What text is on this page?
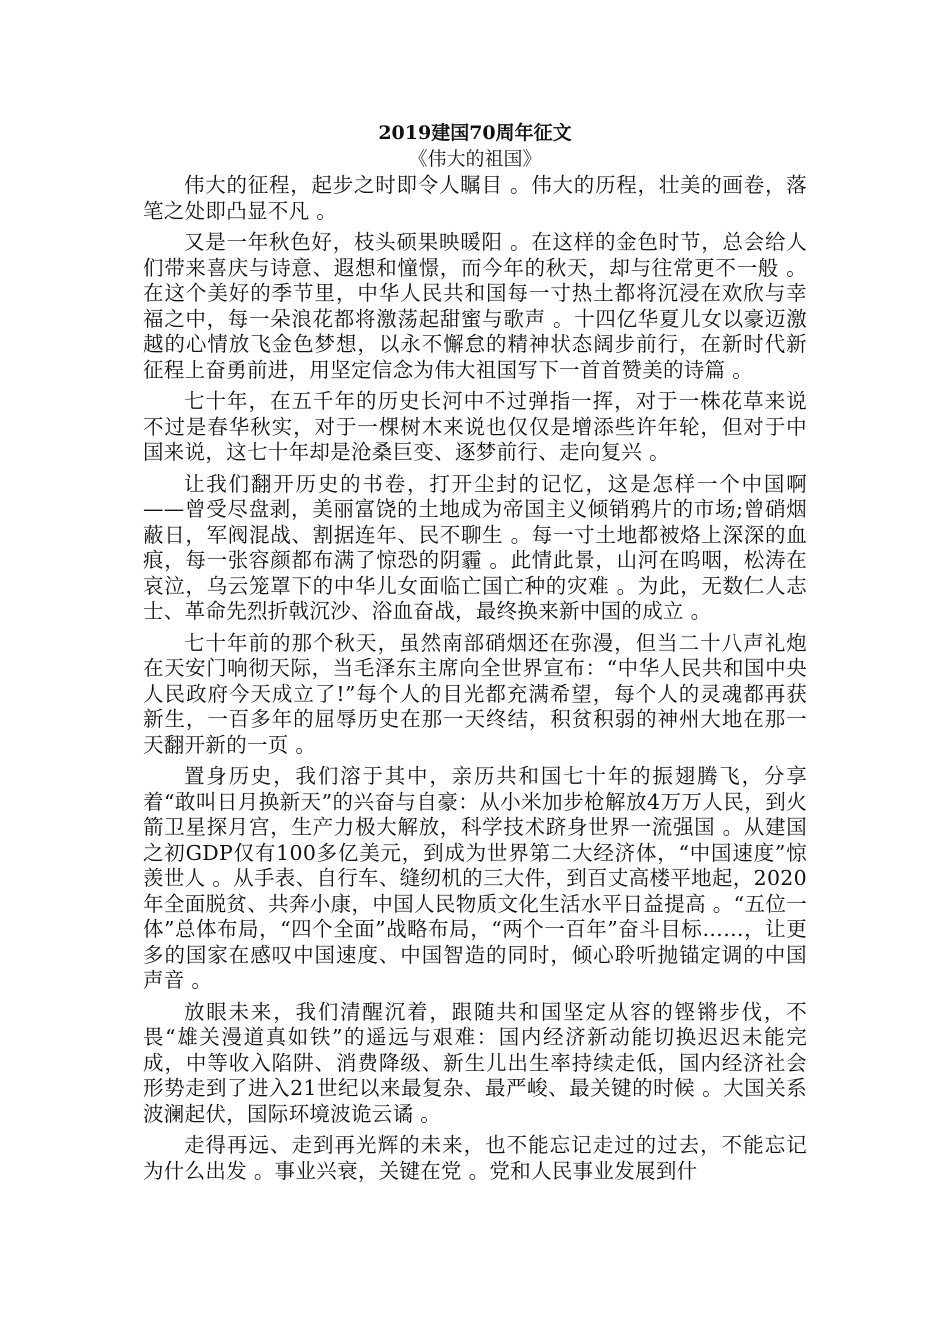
2019建国70周年征文
《伟大的祖国》

伟大的征程，起步之时即令人瞩目 。伟大的历程，壮美的画卷，落笔之处即凸显不凡 。

又是一年秋色好，枝头硕果映暖阳 。在这样的金色时节，总会给人们带来喜庆与诗意、遐想和憧憬，而今年的秋天，却与往常更不一般 。在这个美好的季节里，中华人民共和国每一寸热土都将沉浸在欢欣与幸福之中，每一朵浪花都将激荡起甜蜜与歌声 。十四亿华夏儿女以豪迈激越的心情放飞金色梦想，以永不懈怠的精神状态阔步前行，在新时代新征程上奋勇前进，用坚定信念为伟大祖国写下一首首赞美的诗篇 。

七十年，在五千年的历史长河中不过弹指一挥，对于一株花草来说不过是春华秋实，对于一棵树木来说也仅仅是增添些许年轮，但对于中国来说，这七十年却是沧桑巨变、逐梦前行、走向复兴 。

让我们翻开历史的书卷，打开尘封的记忆，这是怎样一个中国啊——曾受尽盘剥，美丽富饶的土地成为帝国主义倾销鸦片的市场;曾硝烟蔽日，军阀混战、割据连年、民不聊生 。每一寸土地都被烙上深深的血痕，每一张容颜都布满了惊恐的阴霾 。此情此景，山河在呜咽，松涛在哀泣，乌云笼罩下的中华儿女面临亡国亡种的灾难 。为此，无数仁人志士、革命先烈折戟沉沙、浴血奋战，最终换来新中国的成立 。

七十年前的那个秋天，虽然南部硝烟还在弥漫，但当二十八声礼炮在天安门响彻天际，当毛泽东主席向全世界宣布：“中华人民共和国中央人民政府今天成立了!”每个人的目光都充满希望，每个人的灵魂都再获新生，一百多年的屈辱历史在那一天终结，积贫积弱的神州大地在那一天翻开新的一页 。

置身历史，我们溶于其中，亲历共和国七十年的振翅腾飞，分享着“敢叫日月换新天”的兴奋与自豪：从小米加步枪解放4万万人民，到火箭卫星探月宫，生产力极大解放，科学技术跻身世界一流强国 。从建国之初GDP仅有100多亿美元，到成为世界第二大经济体，“中国速度”惊羡世人 。从手表、自行车、缝纫机的三大件，到百丈高楼平地起，2020年全面脱贫、共奔小康，中国人民物质文化生活水平日益提高 。“五位一体”总体布局，“四个全面”战略布局，“两个一百年”奋斗目标……，让更多的国家在感叹中国速度、中国智造的同时，倾心聆听抛锚定调的中国声音 。

放眼未来，我们清醒沉着，跟随共和国坚定从容的铿锵步伐，不畏“雄关漫道真如铁”的遥远与艰难：国内经济新动能切换迟迟未能完成，中等收入陷阱、消费降级、新生儿出生率持续走低，国内经济社会形势走到了进入21世纪以来最复杂、最严峻、最关键的时候 。大国关系波澜起伏，国际环境波诡云谲 。

走得再远、走到再光辉的未来，也不能忘记走过的过去，不能忘记为什么出发 。事业兴衰，关键在党 。党和人民事业发展到什
